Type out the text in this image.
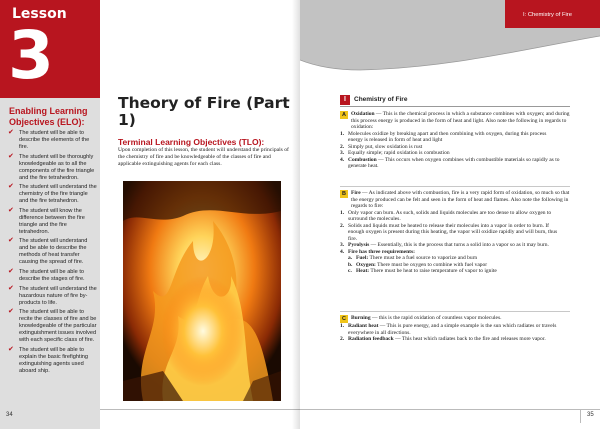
Lesson
3
Enabling Learning Objectives (ELO):
✔ The student will be able to describe the elements of the fire.
✔ The student will be thoroughly knowledgeable as to all the components of the fire triangle and the fire tetrahedron.
✔ The student will understand the chemistry of the fire triangle and the fire tetrahedron.
✔ The student will know the difference between the fire triangle and the fire tetrahedron.
✔ The student will understand and be able to describe the methods of heat transfer causing the spread of fire.
✔ The student will be able to describe the stages of fire.
✔ The student will understand the hazardous nature of fire by-products to life.
✔ The student will be able to recite the classes of fire and be knowledgeable of the particular extinguishment issues involved with each specific class of fire.
✔ The student will be able to explain the basic firefighting extinguishing agents used aboard ship.
34
Theory of Fire (Part 1)
Terminal Learning Objectives (TLO):
Upon completion of this lesson, the student will understand the principals of the chemistry of fire and be knowledgeable of the classes of fire and applicable extinguishing agents for each class.
I: Chemistry of Fire
I	Chemistry of Fire
A Oxidation — This is the chemical process in which a substance combines with oxygen; and during this process energy is produced in the form of heat and light. Also note the following in regards to oxidation:
1. Molecules oxidize by breaking apart and then combining with oxygen, during this process energy is released in form of heat and light
2. Simply put, slow oxidation is rust
3. Equally simple; rapid oxidation is combustion
4. Combustion — This occurs when oxygen combines with combustible materials so rapidly as to generate heat.
B Fire — As indicated above with combustion, fire is a very rapid form of oxidation, so much so that the energy produced can be felt and seen in the form of heat and flames. Also note the following in regards to fire:
1. Only vapor can burn. As such, solids and liquids molecules are too dense to allow oxygen to surround the molecules.
2. Solids and liquids must be heated to release their molecules into a vapor in order to burn. If enough oxygen is present during this heating, the vapor will oxidize rapidly and will burn, thus fire.
3. Pyrolysis — Essentially, this is the process that turns a solid into a vapor so as it may burn.
4. Fire has three requirements:
a. Fuel: There must be a fuel source to vaporize and burn
b. Oxygen: There must be oxygen to combine with fuel vapor
c. Heat: There must be heat to raise temperature of vapor to ignite
C Burning — this is the rapid oxidation of countless vapor molecules.
1. Radiant heat — This is pure energy, and a simple example is the sun which radiates or travels everywhere in all directions.
2. Radiation feedback — This heat which radiates back to the fire and releases more vapor.
35
